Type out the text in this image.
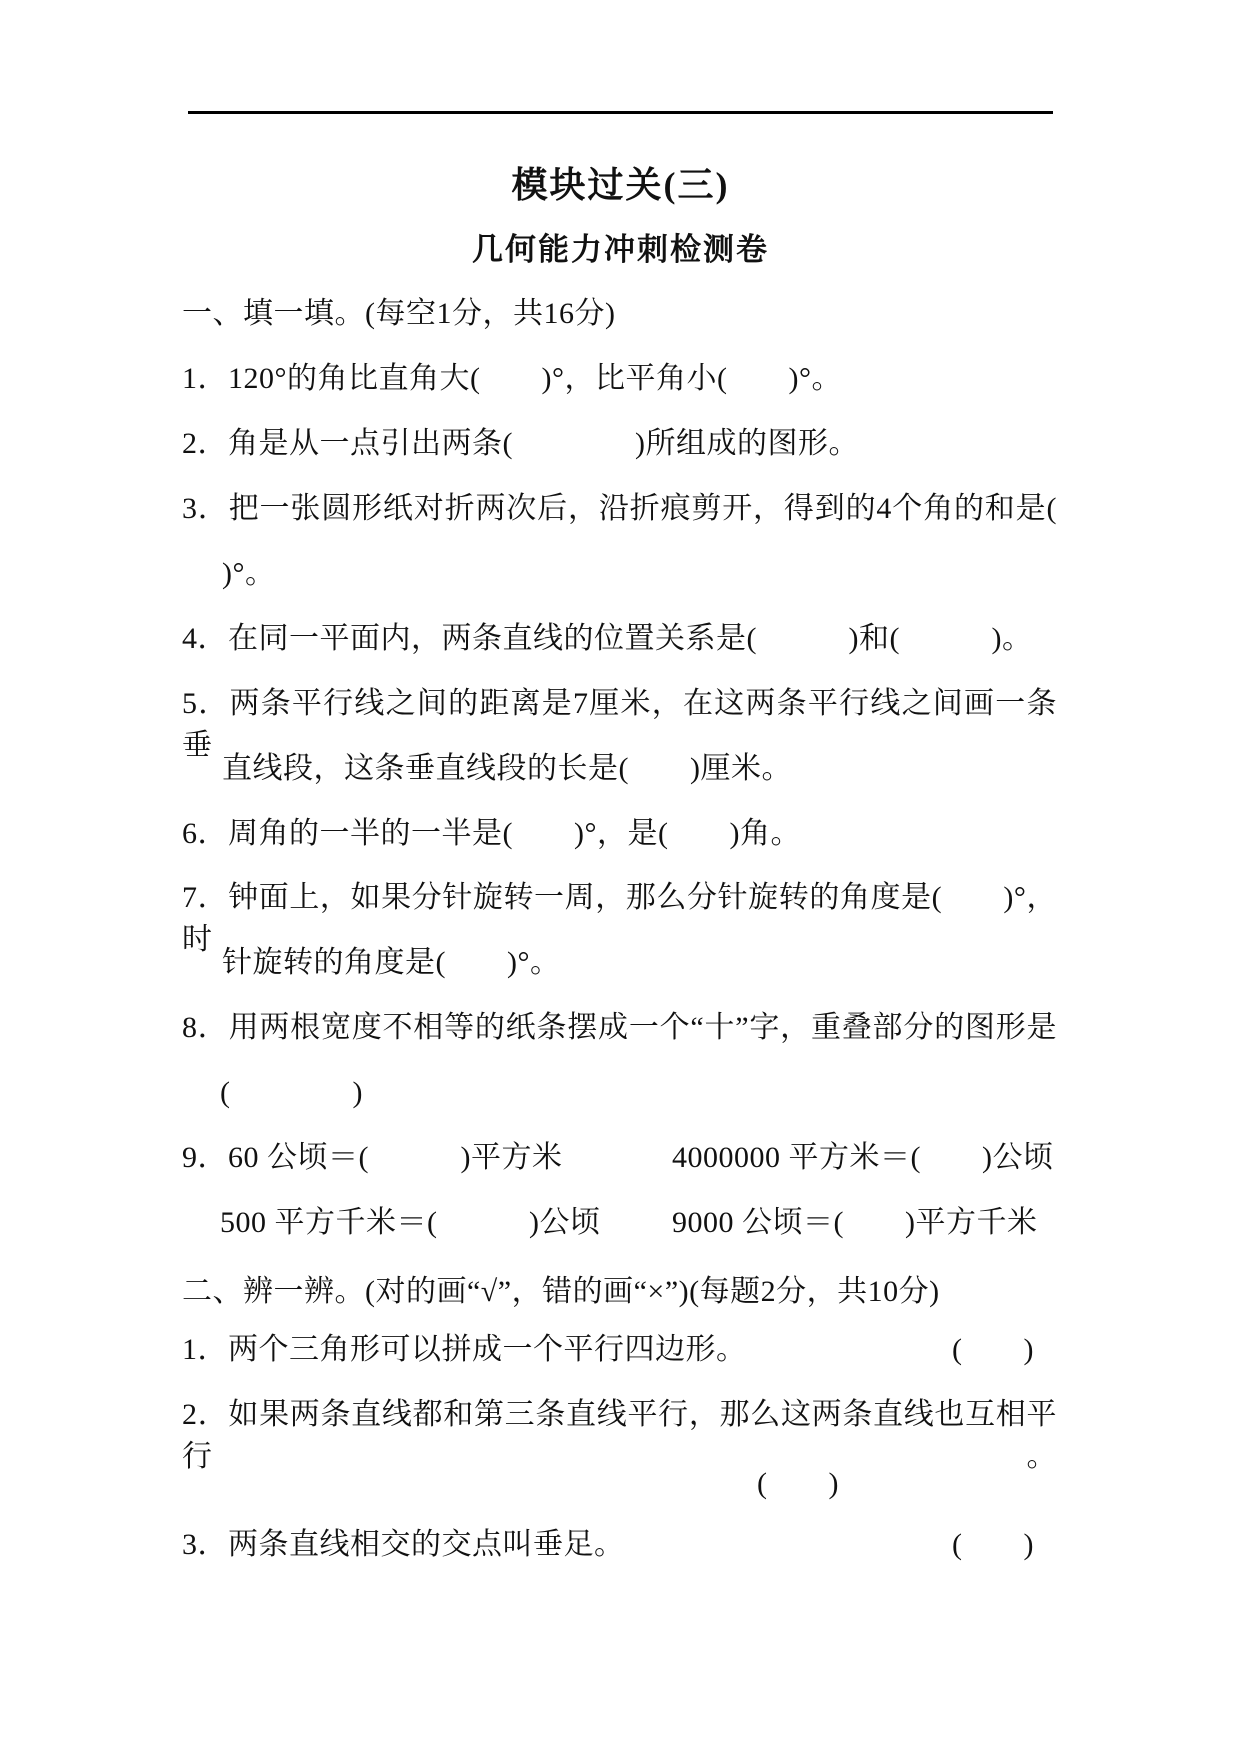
模块过关(三)
几何能力冲刺检测卷
一、填一填。(每空1分，共16分)
1．120°的角比直角大(　　)°，比平角小(　　)°。
2．角是从一点引出两条(　　　　)所组成的图形。
3．把一张圆形纸对折两次后，沿折痕剪开，得到的4个角的和是(
)°。
4．在同一平面内，两条直线的位置关系是(　　　)和(　　　)。
5．两条平行线之间的距离是7厘米，在这两条平行线之间画一条垂
直线段，这条垂直线段的长是(　　)厘米。
6．周角的一半的一半是(　　)°，是(　　)角。
7．钟面上，如果分针旋转一周，那么分针旋转的角度是(　　)°，时
针旋转的角度是(　　)°。
8．用两根宽度不相等的纸条摆成一个“十”字，重叠部分的图形是
(　　　　)
9．60 公顷＝(　　　)平方米	4000000 平方米＝(　　)公顷
500 平方千米＝(　　　)公顷 9000 公顷＝(　　)平方千米
二、辨一辨。(对的画“√”，错的画“×”)(每题2分，共10分)
1．两个三角形可以拼成一个平行四边形。	(　　)
2．如果两条直线都和第三条直线平行，那么这两条直线也互相平行。
(　　)
3．两条直线相交的交点叫垂足。	(　　)
